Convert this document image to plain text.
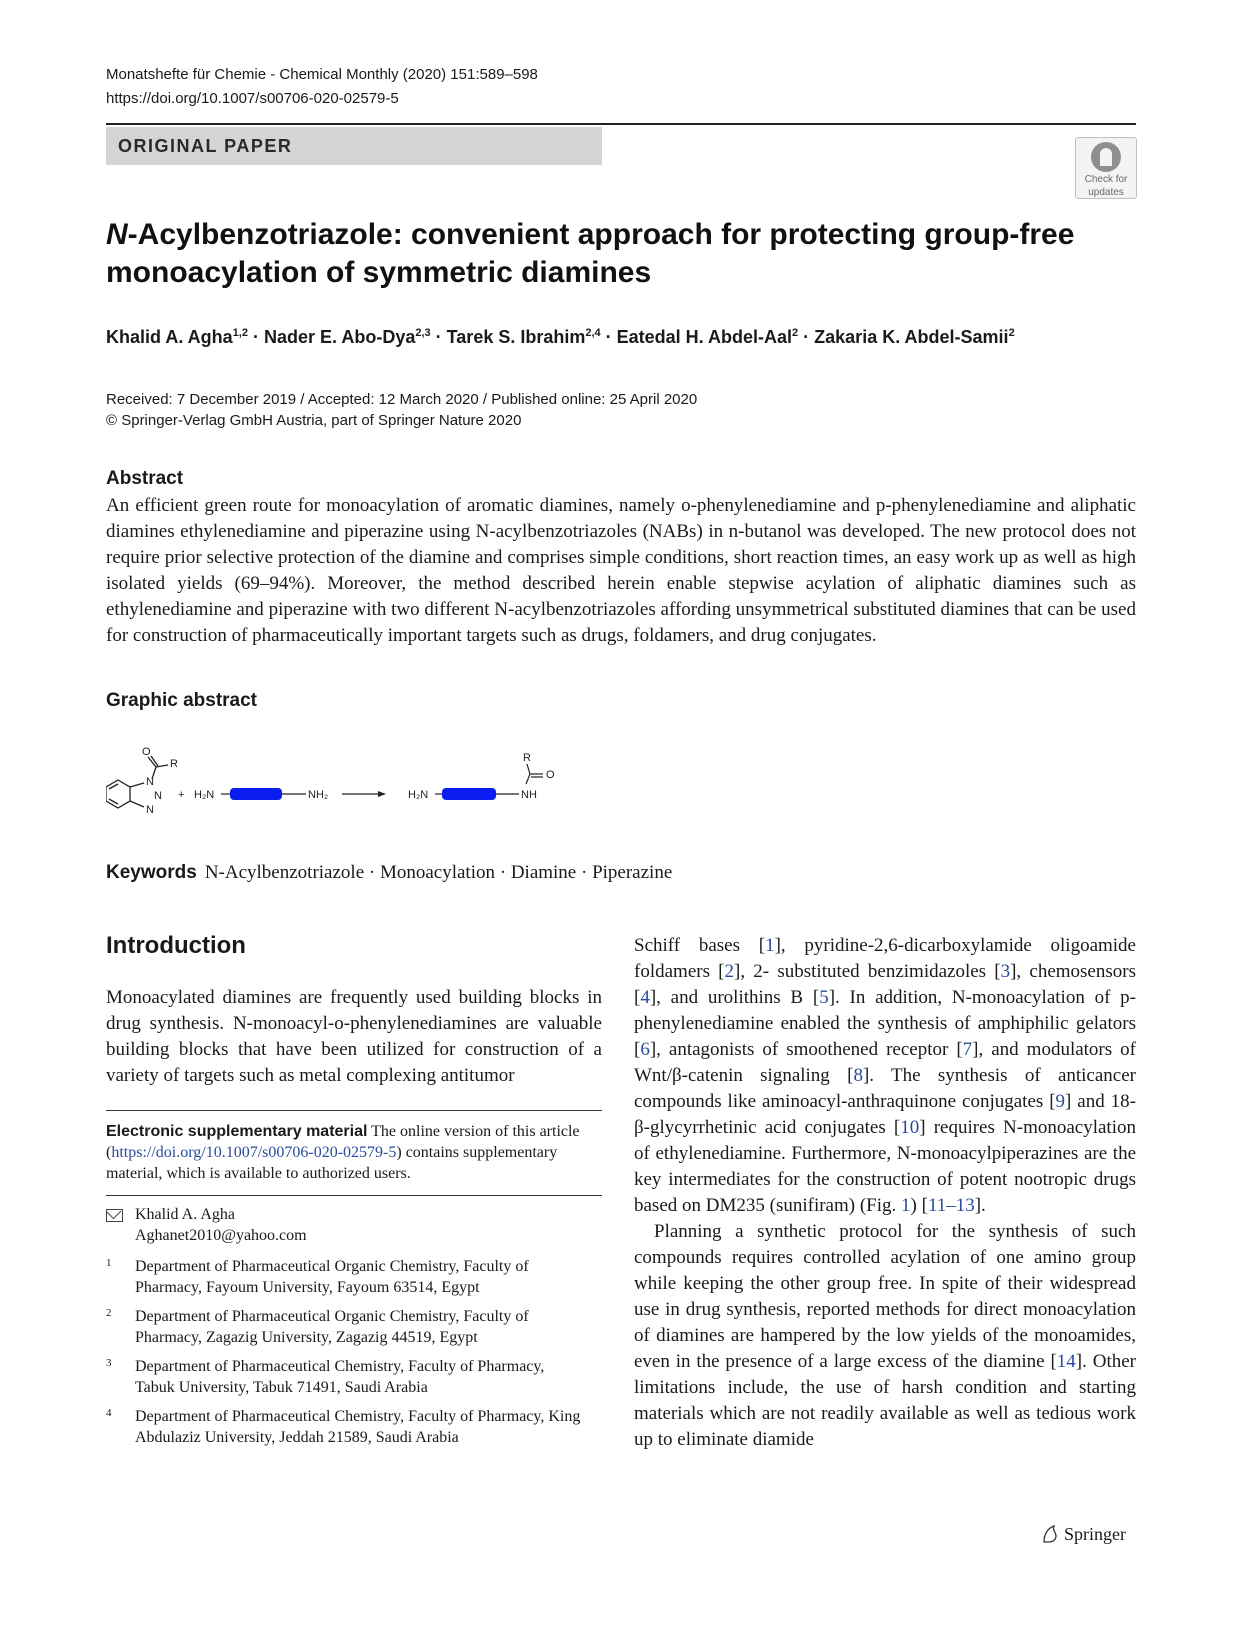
Monatshefte für Chemie - Chemical Monthly (2020) 151:589–598
https://doi.org/10.1007/s00706-020-02579-5
ORIGINAL PAPER
Check for
updates
N-Acylbenzotriazole: convenient approach for protecting group-free monoacylation of symmetric diamines
Khalid A. Agha$^{1,2}$ · Nader E. Abo-Dya$^{2,3}$ · Tarek S. Ibrahim$^{2,4}$ · Eatedal H. Abdel-Aal$^2$ · Zakaria K. Abdel-Samii$^2$
Received: 7 December 2019 / Accepted: 12 March 2020 / Published online: 25 April 2020
© Springer-Verlag GmbH Austria, part of Springer Nature 2020
Abstract
An efficient green route for monoacylation of aromatic diamines, namely o-phenylenediamine and p-phenylenediamine and aliphatic diamines ethylenediamine and piperazine using N-acylbenzotriazoles (NABs) in n-butanol was developed. The new protocol does not require prior selective protection of the diamine and comprises simple conditions, short reaction times, an easy work up as well as high isolated yields (69–94%). Moreover, the method described herein enable stepwise acylation of aliphatic diamines such as ethylenediamine and piperazine with two different N-acylbenzotriazoles affording unsymmetrical substituted diamines that can be used for construction of pharmaceutically important targets such as drugs, foldamers, and drug conjugates.
Graphic abstract
O
R
N
N
N
+ H₂N	NH₂	H₂N	NH
R
O
Keywords N-Acylbenzotriazole · Monoacylation · Diamine · Piperazine
Introduction
Monoacylated diamines are frequently used building blocks in drug synthesis. N-monoacyl-o-phenylenediamines are valuable building blocks that have been utilized for construction of a variety of targets such as metal complexing antitumor
Electronic supplementary material The online version of this article (https://doi.org/10.1007/s00706-020-02579-5) contains supplementary material, which is available to authorized users.
Khalid A. Agha
Aghanet2010@yahoo.com
1 Department of Pharmaceutical Organic Chemistry, Faculty of Pharmacy, Fayoum University, Fayoum 63514, Egypt
2 Department of Pharmaceutical Organic Chemistry, Faculty of Pharmacy, Zagazig University, Zagazig 44519, Egypt
3 Department of Pharmaceutical Chemistry, Faculty of Pharmacy, Tabuk University, Tabuk 71491, Saudi Arabia
4 Department of Pharmaceutical Chemistry, Faculty of Pharmacy, King Abdulaziz University, Jeddah 21589, Saudi Arabia

Schiff bases [1], pyridine-2,6-dicarboxylamide oligoamide foldamers [2], 2- substituted benzimidazoles [3], chemosensors [4], and urolithins B [5]. In addition, N-monoacylation of p-phenylenediamine enabled the synthesis of amphiphilic gelators [6], antagonists of smoothened receptor [7], and modulators of Wnt/β-catenin signaling [8]. The synthesis of anticancer compounds like aminoacyl-anthraquinone conjugates [9] and 18-β-glycyrrhetinic acid conjugates [10] requires N-monoacylation of ethylenediamine. Furthermore, N-monoacylpiperazines are the key intermediates for the construction of potent nootropic drugs based on DM235 (sunifiram) (Fig. 1) [11–13].

Planning a synthetic protocol for the synthesis of such compounds requires controlled acylation of one amino group while keeping the other group free. In spite of their widespread use in drug synthesis, reported methods for direct monoacylation of diamines are hampered by the low yields of the monoamides, even in the presence of a large excess of the diamine [14]. Other limitations include, the use of harsh condition and starting materials which are not readily available as well as tedious work up to eliminate diamide

Springer
